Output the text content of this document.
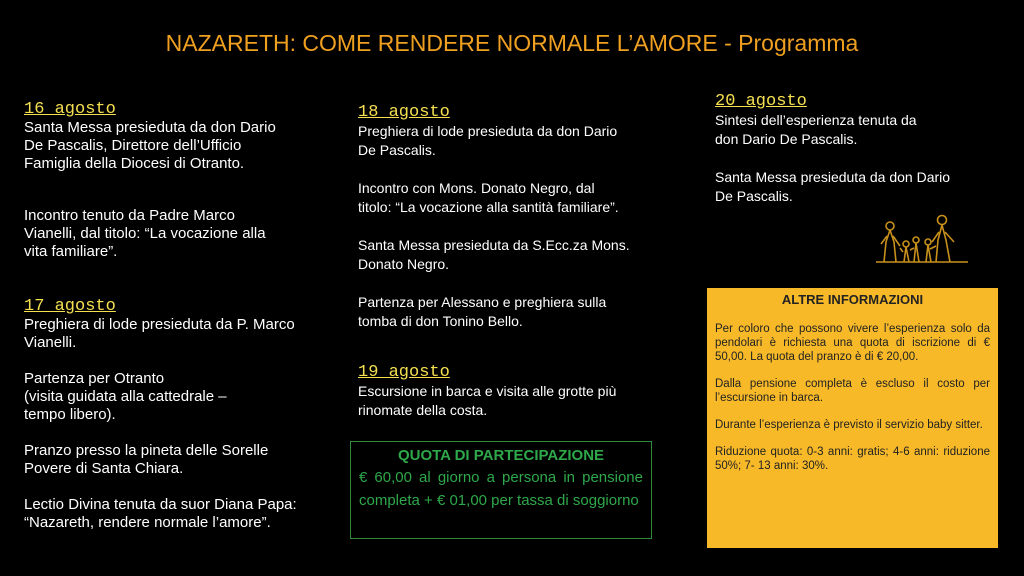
NAZARETH: COME RENDERE NORMALE L’AMORE - Programma
16 agosto

Santa Messa presieduta da don Dario
De Pascalis, Direttore dell’Ufficio
Famiglia della Diocesi di Otranto.

Incontro tenuto da Padre Marco
Vianelli, dal titolo: “La vocazione alla
vita familiare”.

17 agosto

Preghiera di lode presieduta da P. Marco
Vianelli.

Partenza per Otranto
(visita guidata alla cattedrale –
tempo libero).

Pranzo presso la pineta delle Sorelle
Povere di Santa Chiara.

Lectio Divina tenuta da suor Diana Papa:
“Nazareth, rendere normale l’amore”.

18 agosto

Preghiera di lode presieduta da don Dario
De Pascalis.

Incontro con Mons. Donato Negro, dal
titolo: “La vocazione alla santità familiare”.

Santa Messa presieduta da S.Ecc.za Mons.
Donato Negro.

Partenza per Alessano e preghiera sulla
tomba di don Tonino Bello.

19 agosto

Escursione in barca e visita alle grotte più
rinomate della costa.

20 agosto

Sintesi dell’esperienza tenuta da
don Dario De Pascalis.

Santa Messa presieduta da don Dario
De Pascalis.

QUOTA DI PARTECIPAZIONE

€ 60,00 al giorno a persona in pensione completa + € 01,00 per tassa di soggiorno

ALTRE INFORMAZIONI

Per coloro che possono vivere l’esperienza solo da pendolari è richiesta una quota di iscrizione di € 50,00. La quota del pranzo è di € 20,00.

Dalla pensione completa è escluso il costo per l’escursione in barca.

Durante l’esperienza è previsto il servizio baby sitter.

Riduzione quota: 0-3 anni: gratis; 4-6 anni: riduzione 50%; 7- 13 anni: 30%.
